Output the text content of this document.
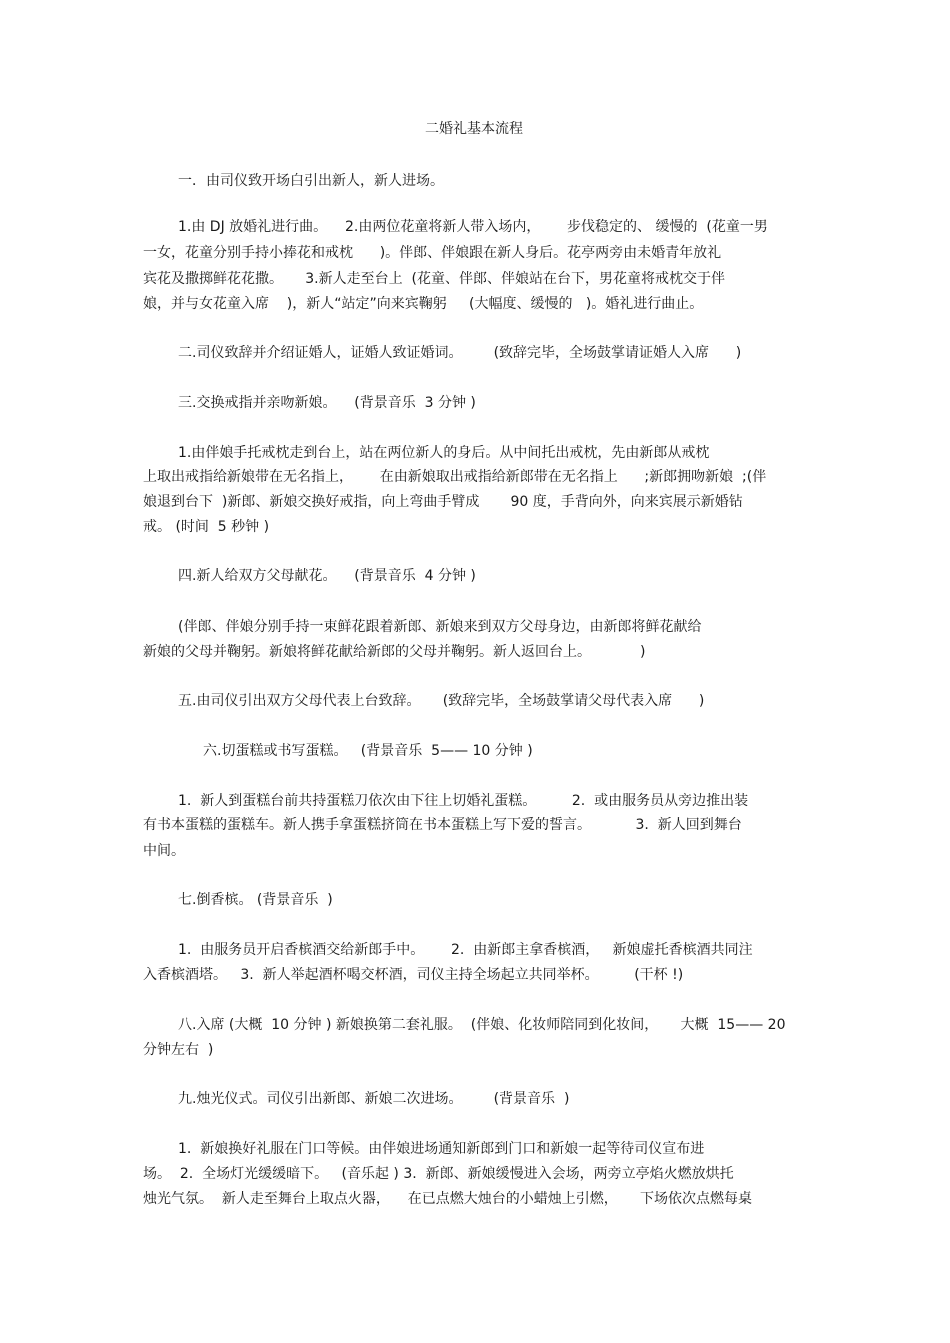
二婚礼基本流程
一．由司仪致开场白引出新人，新人进场。
1.由 DJ 放婚礼进行曲。    2.由两位花童将新人带入场内，      步伐稳定的、 缓慢的  (花童一男
一女，花童分别手持小捧花和戒枕      )。伴郎、伴娘跟在新人身后。花亭两旁由未婚青年放礼
宾花及撒掷鲜花花撒。     3.新人走至台上  (花童、伴郎、伴娘站在台下，男花童将戒枕交于伴
娘，并与女花童入席    )，新人“站定”向来宾鞠躬     (大幅度、缓慢的   )。婚礼进行曲止。
二.司仪致辞并介绍证婚人，证婚人致证婚词。       (致辞完毕，全场鼓掌请证婚人入席      )
三.交换戒指并亲吻新娘。    (背景音乐  3 分钟 )
1.由伴娘手托戒枕走到台上，站在两位新人的身后。从中间托出戒枕，先由新郎从戒枕
上取出戒指给新娘带在无名指上，      在由新娘取出戒指给新郎带在无名指上      ;新郎拥吻新娘  ;(伴
娘退到台下  )新郎、新娘交换好戒指，向上弯曲手臂成       90 度，手背向外，向来宾展示新婚钻
戒。 (时间  5 秒钟 )
四.新人给双方父母献花。    (背景音乐  4 分钟 )
(伴郎、伴娘分别手持一束鲜花跟着新郎、新娘来到双方父母身边，由新郎将鲜花献给
新娘的父母并鞠躬。新娘将鲜花献给新郎的父母并鞠躬。新人返回台上。           )
五.由司仪引出双方父母代表上台致辞。     (致辞完毕，全场鼓掌请父母代表入席      )
六.切蛋糕或书写蛋糕。   (背景音乐  5—— 10 分钟 )
1.  新人到蛋糕台前共持蛋糕刀依次由下往上切婚礼蛋糕。        2.  或由服务员从旁边推出装
有书本蛋糕的蛋糕车。新人携手拿蛋糕挤筒在书本蛋糕上写下爱的誓言。          3.  新人回到舞台
中间。
七.倒香槟。 (背景音乐  )
1.  由服务员开启香槟酒交给新郎手中。      2.  由新郎主拿香槟酒，   新娘虚托香槟酒共同注
入香槟酒塔。   3.  新人举起酒杯喝交杯酒，司仪主持全场起立共同举杯。        (干杯 !)
八.入席 (大概  10 分钟 ) 新娘换第二套礼服。  (伴娘、化妆师陪同到化妆间，     大概  15—— 20
分钟左右  )
九.烛光仪式。司仪引出新郎、新娘二次进场。       (背景音乐  )
1.  新娘换好礼服在门口等候。由伴娘进场通知新郎到门口和新娘一起等待司仪宣布进
场。  2.  全场灯光缓缓暗下。   (音乐起 ) 3.  新郎、新娘缓慢进入会场，两旁立亭焰火燃放烘托
烛光气氛。  新人走至舞台上取点火器，    在已点燃大烛台的小蜡烛上引燃，     下场依次点燃每桌
